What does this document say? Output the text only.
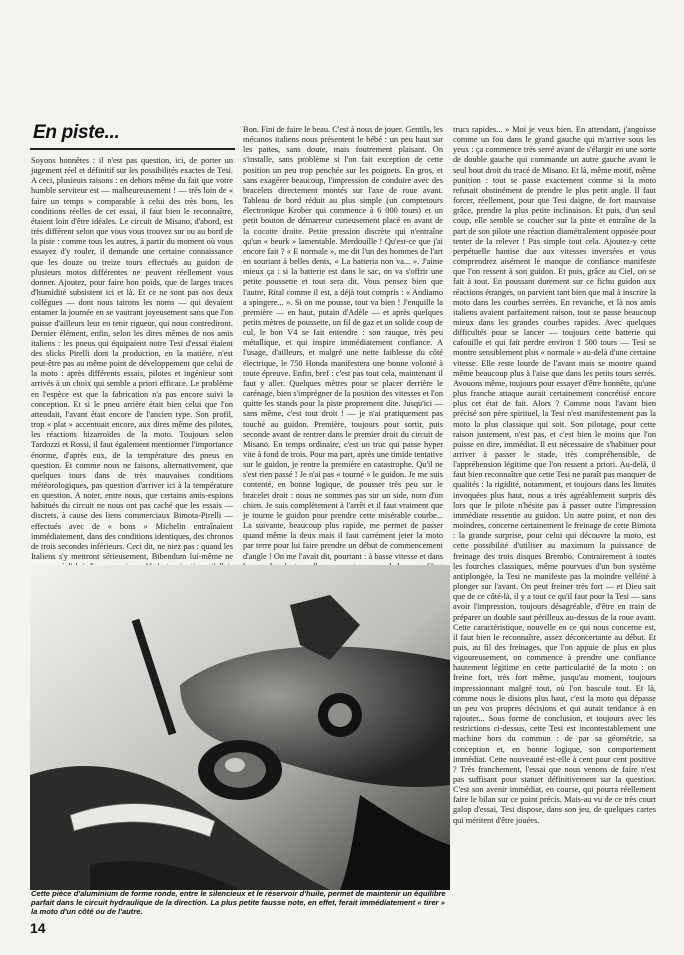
En piste...

Soyons honnêtes : il n'est pas question, ici, de porter un jugement réel et définitif sur les possibilités exactes de Tesi. A ceci, plusieurs raisons : en dehors même du fait que votre humble serviteur est — malheureusement ! — très loin de « faire un temps » comparable à celui des très bons, les conditions réelles de cet essai, il faut bien le reconnaître, étaient loin d'être idéales. Le circuit de Misano, d'abord, est très différent selon que vous vous trouvez sur ou au bord de la piste : comme tous les autres, à partir du moment où vous essayez d'y rouler, il demande une certaine connaissance que les douze ou treize tours effectués au guidon de plusieurs motos différentes ne peuvent réellement vous donner. Ajoutez, pour faire bon poids, que de larges traces d'humidité subsistent ici et là. Et ce ne sont pas nos deux collègues — dont nous tairons les noms — qui devaient entamer la journée en se vautrant joyeusement sans que l'on puisse d'ailleurs leur en tenir rigueur, qui nous contrediront. Dernier élément, enfin, selon les dires mêmes de nos amis italiens : les pneus qui équipaient notre Tesi d'essai étaient des slicks Pirelli dont la production, en la matière, n'est peut-être pas au même point de développement que celui de la moto : après différents essais, pilotes et ingénieur sont arrivés à un choix qui semble a priori efficace. Le problème en l'espèce est que la fabrication n'a pas encore suivi la conception. Et si le pneu arrière était bien celui que l'on attendait, l'avant était encore de l'ancien type. Son profil, trop « plat » accentuait encore, aux dires même des pilotes, les réactions bizarroïdes de la moto. Toujours selon Tardozzi et Rossi, il faut également mentionner l'importance énorme, d'après eux, de la température des pneus en question. Et comme nous ne faisons, alternativement, que quelques tours dans de très mauvaises conditions météorologiques, pas question d'arriver ici à la température en question. A noter, entre nous, que certains amis-espions habitués du circuit ne nous ont pas caché que les essais — discrets, à cause des liens commerciaux Bimota-Pirelli — effectués avec de « bons » Michelin entraînaient immédiatement, dans des conditions identiques, des chronos de trois secondes inférieurs. Ceci dit, ne niez pas : quand les Italiens s'y mettront sérieusement, Bibendum lui-même ne

Bon. Fini de faire le beau. C'est à nous de jouer. Gentils, les mécanos italiens nous présentent le bébé : un peu haut sur les pattes, sans doute, mais foutrement plaisant. On s'installe, sans problème si l'on fait exception de cette position un peu trop penchée sur les poignets. En gros, et sans exagérer beaucoup, l'impression de conduire avec des bracelets directement montés sur l'axe de roue avant. Tableau de bord réduit au plus simple (un comptetours électronique Krober qui commence à 6 000 tours) et un petit bouton de démarreur curieusement placé en avant de la cocotte droite. Petite pression discrète qui n'entraîne qu'un « beurk » lamentable. Merdouille ! Qu'est-ce que j'ai encore fait ? « E normale », me dit l'un des hommes de l'art en souriant à belles dents, « La batteria non va... ». J'aime mieux ça : si la batterie est dans le sac, on va s'offrir une petite poussette et tout sera dit. Vous pensez bien que l'autre, Rital comme il est, a déjà tout compris : « Andiamo a spingere... ». Si on me pousse, tout va bien ! J'enquille la première — en haut, putain d'Adèle — et après quelques petits mètres de poussette, un fil de gaz et un solide coup de cul, le bon V4 se fait entendre : son rauque, très peu métallique, et qui inspire immédiatement confiance. A l'usage, d'ailleurs, et malgré une nette faiblesse du côté électrique, le 750 Honda manifestera une bonne volonté à toute épreuve. Enfin, bref : c'est pas tout cela, maintenant il faut y aller. Quelques mètres pour se placer derrière le carénage, bien s'imprégner de la position des vitesses et l'on quitte les stands pour la piste proprement dite. Jusqu'ici — sans même, c'est tout droit ! — je n'ai pratiquement pas touché au guidon. Première, toujours pour sortir, puis seconde avant de rentrer dans le premier droit du circuit de Misano. En temps ordinaire, c'est un truc qui passe hyper vite à fond de trois. Pour ma part, après une timide tentative sur le guidon, je rentre la première en catastrophe. Qu'il ne s'est rien passé ! Je n'ai pas « tourné » le guidon. Je me suis contenté, en bonne logique, de pousser très peu sur le bracelet droit : nous ne sommes pas sur un side, nom d'un chien. Je suis complètement à l'arrêt et il faut vraiment que je tourne le guidon pour prendre cette misérable courbe... La suivante, beaucoup plus rapide, me permet de passer quand même la deux mais il faut carrément jeter la moto par terre pour lui faire prendre un début de commencement d'angle ! On me l'avait dit, pourtant : à basse vitesse et dans

trucs rapides... » Moi je veux bien. En attendant, j'angoisse comme un fou dans le grand gauche qui m'arrive sous les yeux : ça commence très serré avant de s'élargir en une sorte de double gauche qui commande un autre gauche avant le seul bout droit du tracé de Misano. Et là, même motif, même punition : tout se passe exactement comme si la moto refusait obstinément de prendre le plus petit angle. Il faut forcer, réellement, pour que Tesi daigne, de fort mauvaise grâce, prendre la plus petite inclinaison. Et puis, d'un seul coup, elle semble se coucher sur la piste et entraîne de la part de son pilote une réaction diamétralement opposée pour tenter de la relever ! Pas simple tout cela. Ajoutez-y cette perpétuelle hantise due aux vitesses inversées et vous comprendrez aisément le manque de confiance manifeste que l'on ressent à son guidon. Et puis, grâce au Ciel, on se fait à tout. En poussant durement sur ce fichu guidon aux réactions étranges, on parvient tant bien que mal à inscrire la moto dans les courbes serrées. En revanche, et là nos amis italiens avaient parfaitement raison, tout se passe beaucoup mieux dans les grandes courbes rapides. Avec quelques difficultés pour se lancer — toujours cette batterie qui cafouille et qui fait perdre environ 1 500 tours — Tesi se montre sensiblement plus « normale » au-delà d'une certaine vitesse. Elle reste lourde de l'avant mais se montre quand même beaucoup plus à l'aise que dans les petits tours serrés. Avouons même, toujours pour essayer d'être honnête, qu'une plus franche attaque aurait certainement concrétisé encore plus cet état de fait. Alors ? Comme nous l'avant bien précisé son père spirituel, la Tesi n'est manifestement pas la moto la plus classique qui soit. Son pilotage, pour cette raison justement, n'est pas, et c'est bien le moins que l'on puisse en dire, immédiat. Il est nécessaire de s'habituer pour arriver à passer le stade, très compréhensible, de l'appréhension légitime que l'on ressent a priori. Au-delà, il faut bien reconnaître que cette Tesi ne paraît pas manquer de qualités : la rigidité, notamment, et toujours dans les limites invoquées plus haut, nous a très agréablement surpris dès lors que le pilote n'hésite pas à passer outre l'impression immédiate ressentie au guidon. Un autre point, et non des moindres, concerne certainement le freinage de cette Bimota : la grande surprise, pour celui qui découvre la moto, est cette possibilité d'utiliser au maximum la puissance de freinage des trois disques Brembo. Contrairement à toutes les fourches classiques, même pourvues d'un bon système antiplongée, la Tesi ne manifeste pas la moindre velléité à plonger sur l'avant. On peut freiner très fort — et Dieu sait que de ce côté-là, il y a tout ce qu'il faut pour la Tesi — sans avoir l'impression, toujours désagréable, d'être en train de préparer un double saut périlleux au-dessus de la roue avant. Cette caractéristique, nouvelle en ce qui nous concerne est, il faut bien le reconnaître, assez déconcertante au début. Et puis, au fil des freinages, que l'on appuie de plus en plus vigoureusement, on commence à prendre une confiance hautement légitime en cette particularité de la moto : on freine fort, très fort même, jusqu'au moment, toujours impressionnant malgré tout, où l'on bascule tout. Et là, comme nous le disions plus haut, c'est la moto qui dépasse un peu vos propres décisions et qui aurait tendance à en rajouter... Sous forme de conclusion, et toujours avec les restrictions ci-dessus, cette Tesi est incontestablement une machine hors du commun : de par sa géométrie, sa conception et, en bonne logique, son comportement immédiat. Cette nouveauté est-elle à cent pour cent positive ? Très franchement, l'essai que nous venons de faire n'est pas suffisant pour statuer définitivement sur la question. C'est son avenir immédiat, en course, qui pourra réellement faire le bilan sur ce point précis. Mais-au vu de ce très court galop d'essai, Tesi dispose, dans son jeu, de quelques cartes qui méritent d'être jouées.

Cette pièce d'aluminium de forme ronde, entre le silencieux et le réservoir d'huile, permet de maintenir un équilibre parfait dans le circuit hydraulique de la direction. La plus petite fausse note, en effet, ferait immédiatement « tirer » la moto d'un côté ou de l'autre.
14
